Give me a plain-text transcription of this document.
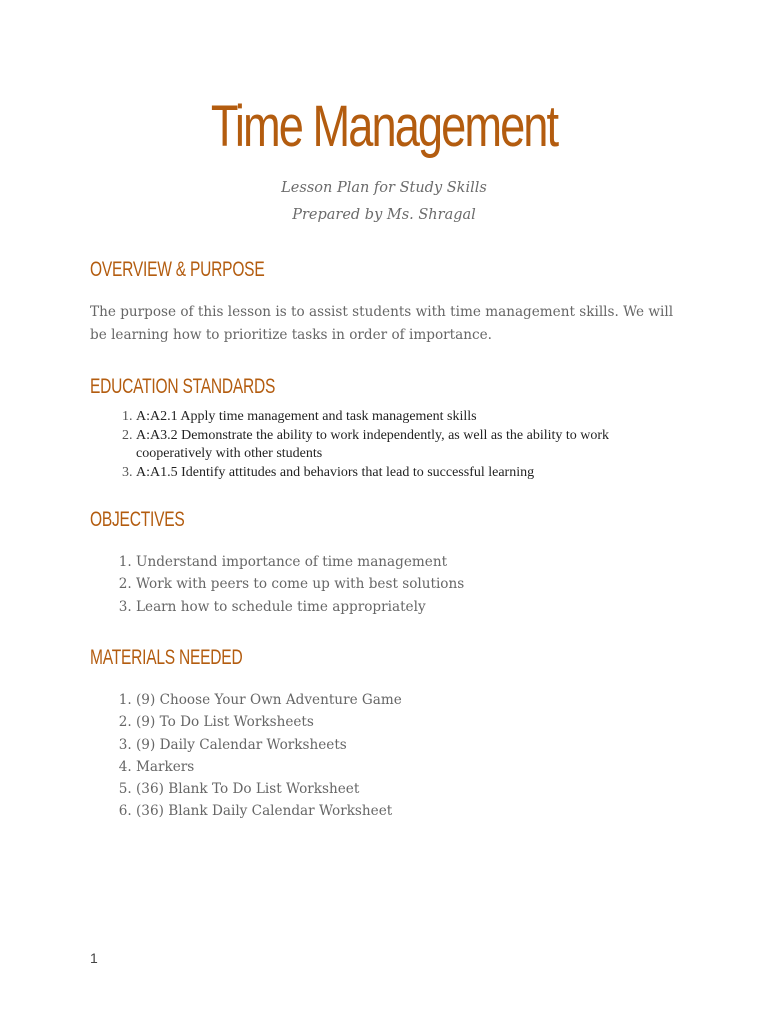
Time Management

Lesson Plan for Study Skills

Prepared by Ms. Shragal

OVERVIEW & PURPOSE

The purpose of this lesson is to assist students with time management skills. We will be learning how to prioritize tasks in order of importance.

EDUCATION STANDARDS
1. A:A2.1 Apply time management and task management skills
2. A:A3.2 Demonstrate the ability to work independently, as well as the ability to work cooperatively with other students
3. A:A1.5 Identify attitudes and behaviors that lead to successful learning
OBJECTIVES
1. Understand importance of time management
2. Work with peers to come up with best solutions
3. Learn how to schedule time appropriately
MATERIALS NEEDED
1. (9) Choose Your Own Adventure Game
2. (9) To Do List Worksheets
3. (9) Daily Calendar Worksheets
4. Markers
5. (36) Blank To Do List Worksheet
6. (36) Blank Daily Calendar Worksheet
1
